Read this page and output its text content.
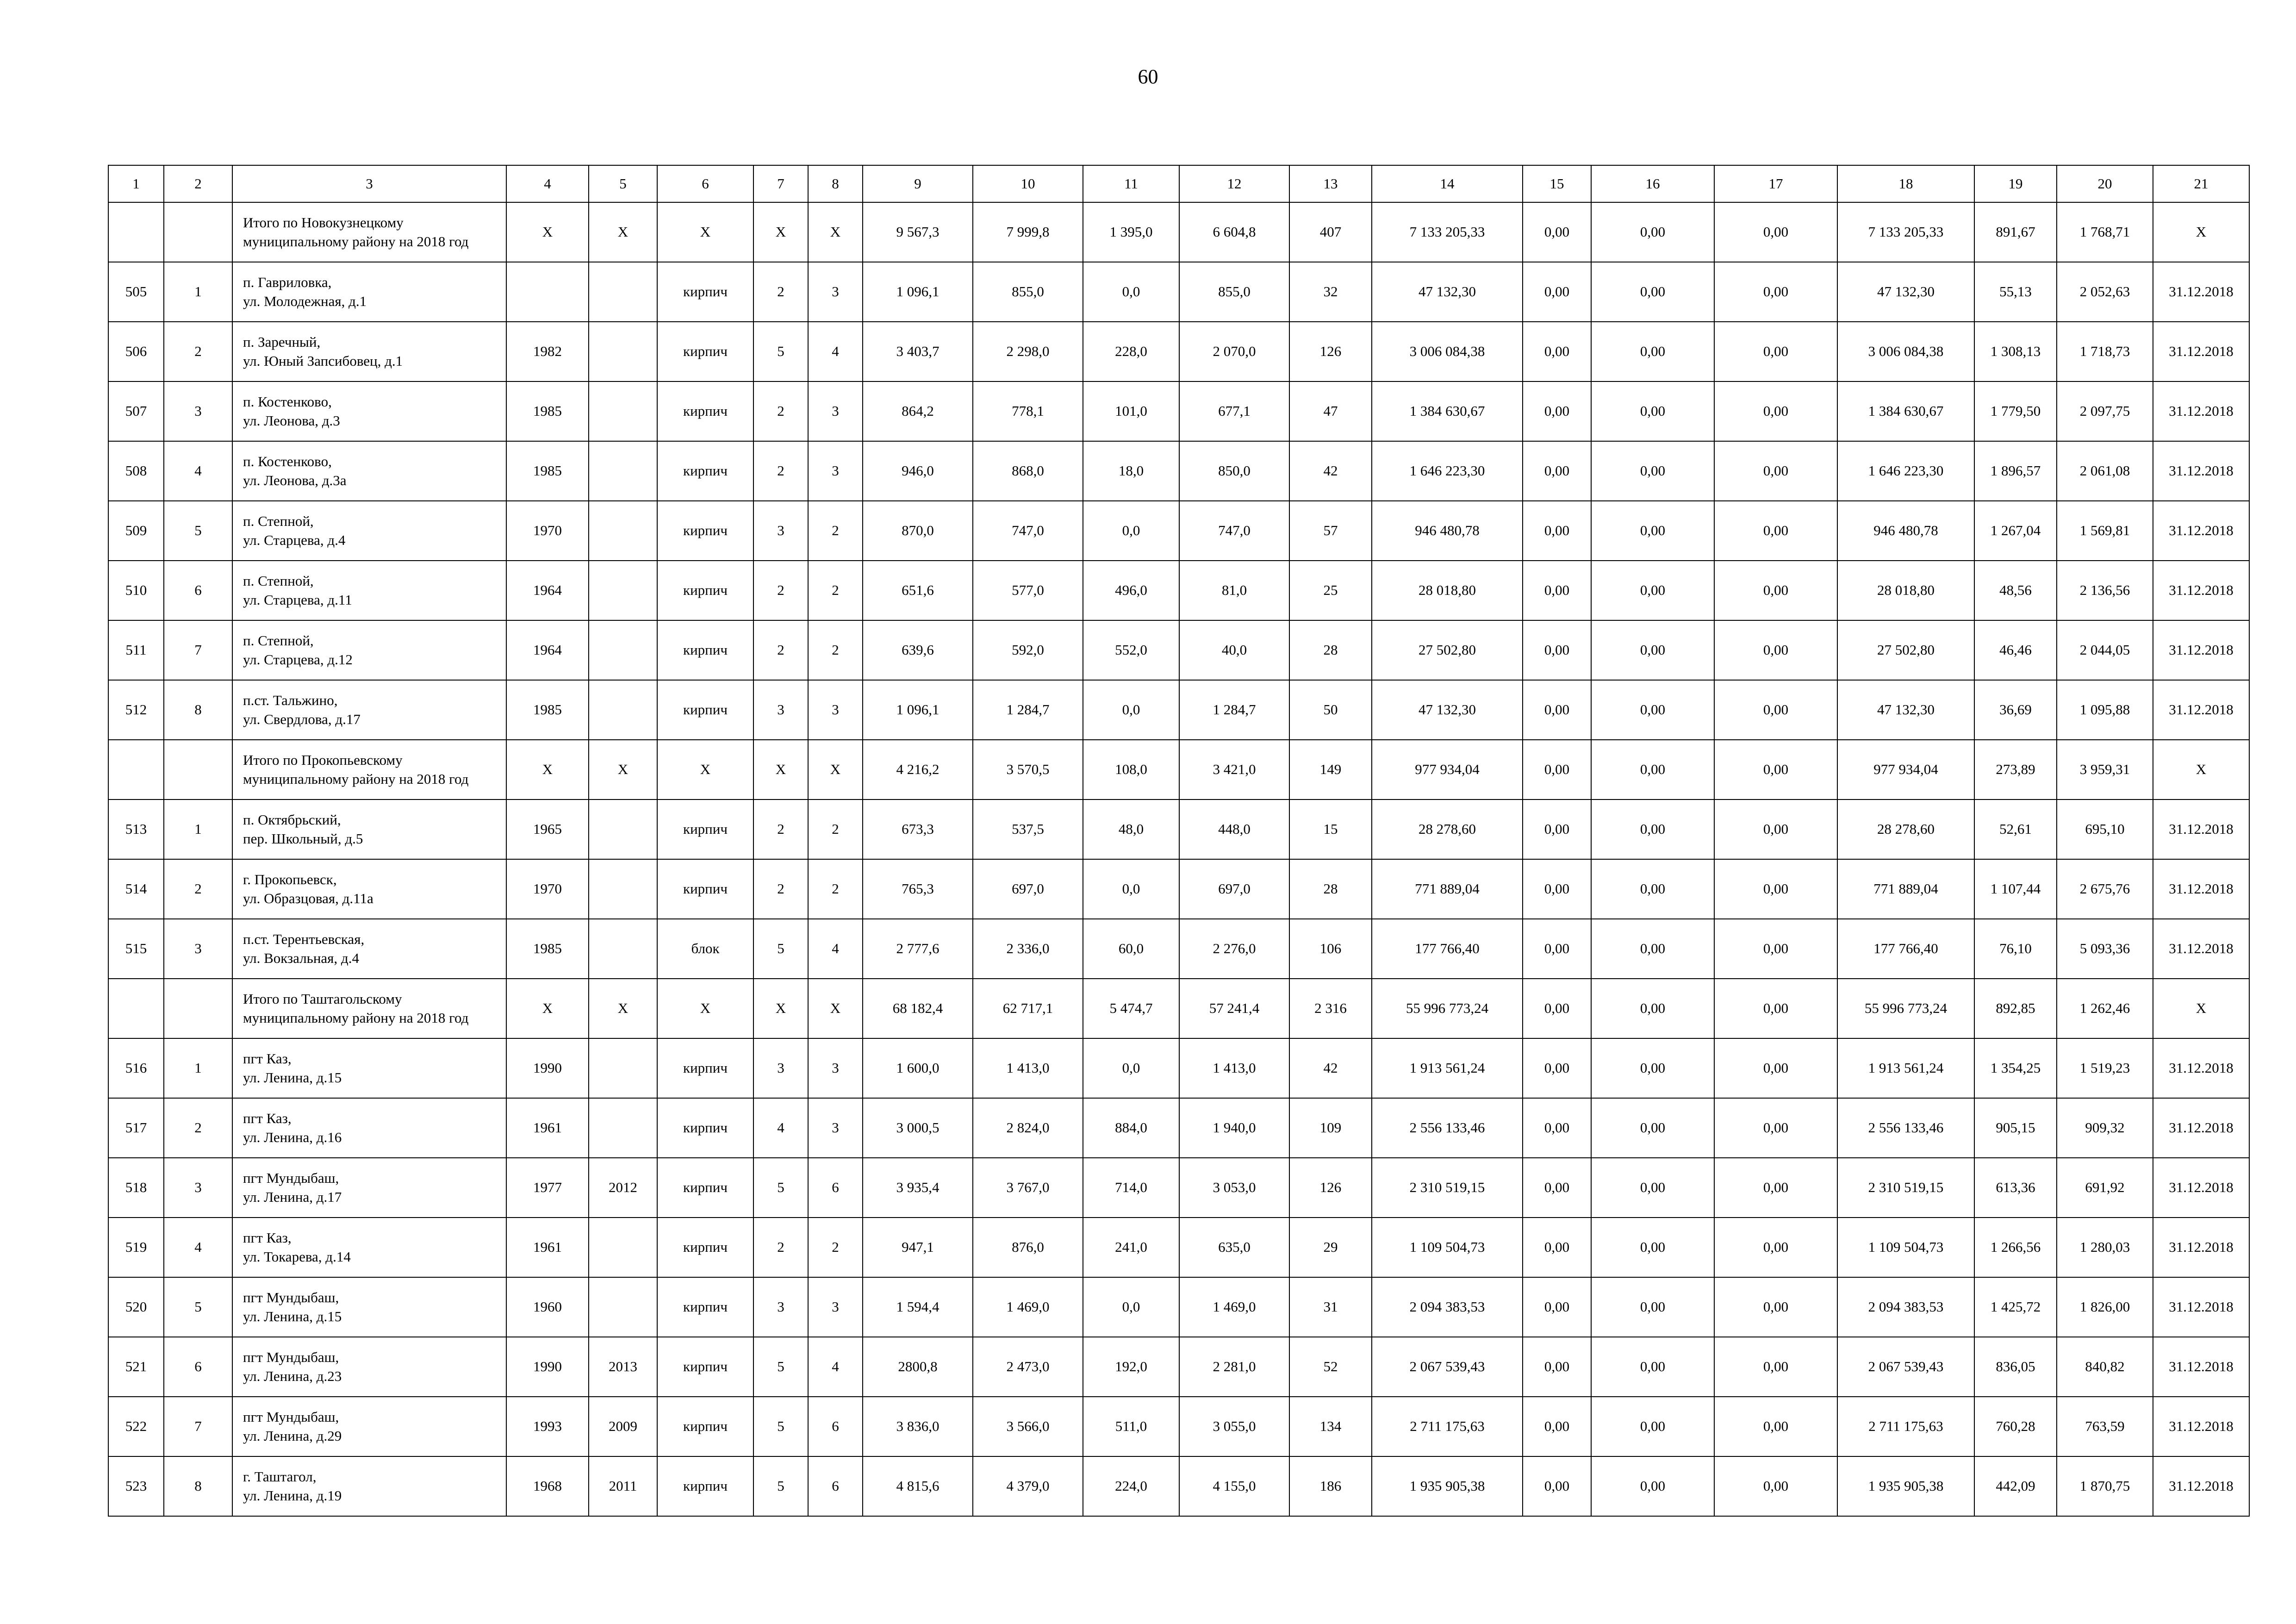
60
1	2	3	4	5	6	7	8	9	10	11	12	13	14	15	16	17	18	19	20	21
		Итого по Новокузнецкому
муниципальному району на 2018 год	X	X	X	X	X	9 567,3	7 999,8	1 395,0	6 604,8	407	7 133 205,33	0,00	0,00	0,00	7 133 205,33	891,67	1 768,71	X
505	1	п. Гавриловка,
ул. Молодежная, д.1			кирпич	2	3	1 096,1	855,0	0,0	855,0	32	47 132,30	0,00	0,00	0,00	47 132,30	55,13	2 052,63	31.12.2018
506	2	п. Заречный,
ул. Юный Запсибовец, д.1	1982		кирпич	5	4	3 403,7	2 298,0	228,0	2 070,0	126	3 006 084,38	0,00	0,00	0,00	3 006 084,38	1 308,13	1 718,73	31.12.2018
507	3	п. Костенково,
ул. Леонова, д.3	1985		кирпич	2	3	864,2	778,1	101,0	677,1	47	1 384 630,67	0,00	0,00	0,00	1 384 630,67	1 779,50	2 097,75	31.12.2018
508	4	п. Костенково,
ул. Леонова, д.3а	1985		кирпич	2	3	946,0	868,0	18,0	850,0	42	1 646 223,30	0,00	0,00	0,00	1 646 223,30	1 896,57	2 061,08	31.12.2018
509	5	п. Степной,
ул. Старцева, д.4	1970		кирпич	3	2	870,0	747,0	0,0	747,0	57	946 480,78	0,00	0,00	0,00	946 480,78	1 267,04	1 569,81	31.12.2018
510	6	п. Степной,
ул. Старцева, д.11	1964		кирпич	2	2	651,6	577,0	496,0	81,0	25	28 018,80	0,00	0,00	0,00	28 018,80	48,56	2 136,56	31.12.2018
511	7	п. Степной,
ул. Старцева, д.12	1964		кирпич	2	2	639,6	592,0	552,0	40,0	28	27 502,80	0,00	0,00	0,00	27 502,80	46,46	2 044,05	31.12.2018
512	8	п.ст. Тальжино,
ул. Свердлова, д.17	1985		кирпич	3	3	1 096,1	1 284,7	0,0	1 284,7	50	47 132,30	0,00	0,00	0,00	47 132,30	36,69	1 095,88	31.12.2018
		Итого по Прокопьевскому
муниципальному району на 2018 год	X	X	X	X	X	4 216,2	3 570,5	108,0	3 421,0	149	977 934,04	0,00	0,00	0,00	977 934,04	273,89	3 959,31	X
513	1	п. Октябрьский,
пер. Школьный, д.5	1965		кирпич	2	2	673,3	537,5	48,0	448,0	15	28 278,60	0,00	0,00	0,00	28 278,60	52,61	695,10	31.12.2018
514	2	г. Прокопьевск,
ул. Образцовая, д.11а	1970		кирпич	2	2	765,3	697,0	0,0	697,0	28	771 889,04	0,00	0,00	0,00	771 889,04	1 107,44	2 675,76	31.12.2018
515	3	п.ст. Терентьевская,
ул. Вокзальная, д.4	1985		блок	5	4	2 777,6	2 336,0	60,0	2 276,0	106	177 766,40	0,00	0,00	0,00	177 766,40	76,10	5 093,36	31.12.2018
		Итого по Таштагольскому
муниципальному району на 2018 год	X	X	X	X	X	68 182,4	62 717,1	5 474,7	57 241,4	2 316	55 996 773,24	0,00	0,00	0,00	55 996 773,24	892,85	1 262,46	X
516	1	пгт Каз,
ул. Ленина, д.15	1990		кирпич	3	3	1 600,0	1 413,0	0,0	1 413,0	42	1 913 561,24	0,00	0,00	0,00	1 913 561,24	1 354,25	1 519,23	31.12.2018
517	2	пгт Каз,
ул. Ленина, д.16	1961		кирпич	4	3	3 000,5	2 824,0	884,0	1 940,0	109	2 556 133,46	0,00	0,00	0,00	2 556 133,46	905,15	909,32	31.12.2018
518	3	пгт Мундыбаш,
ул. Ленина, д.17	1977	2012	кирпич	5	6	3 935,4	3 767,0	714,0	3 053,0	126	2 310 519,15	0,00	0,00	0,00	2 310 519,15	613,36	691,92	31.12.2018
519	4	пгт Каз,
ул. Токарева, д.14	1961		кирпич	2	2	947,1	876,0	241,0	635,0	29	1 109 504,73	0,00	0,00	0,00	1 109 504,73	1 266,56	1 280,03	31.12.2018
520	5	пгт Мундыбаш,
ул. Ленина, д.15	1960		кирпич	3	3	1 594,4	1 469,0	0,0	1 469,0	31	2 094 383,53	0,00	0,00	0,00	2 094 383,53	1 425,72	1 826,00	31.12.2018
521	6	пгт Мундыбаш,
ул. Ленина, д.23	1990	2013	кирпич	5	4	2800,8	2 473,0	192,0	2 281,0	52	2 067 539,43	0,00	0,00	0,00	2 067 539,43	836,05	840,82	31.12.2018
522	7	пгт Мундыбаш,
ул. Ленина, д.29	1993	2009	кирпич	5	6	3 836,0	3 566,0	511,0	3 055,0	134	2 711 175,63	0,00	0,00	0,00	2 711 175,63	760,28	763,59	31.12.2018
523	8	г. Таштагол,
ул. Ленина, д.19	1968	2011	кирпич	5	6	4 815,6	4 379,0	224,0	4 155,0	186	1 935 905,38	0,00	0,00	0,00	1 935 905,38	442,09	1 870,75	31.12.2018
